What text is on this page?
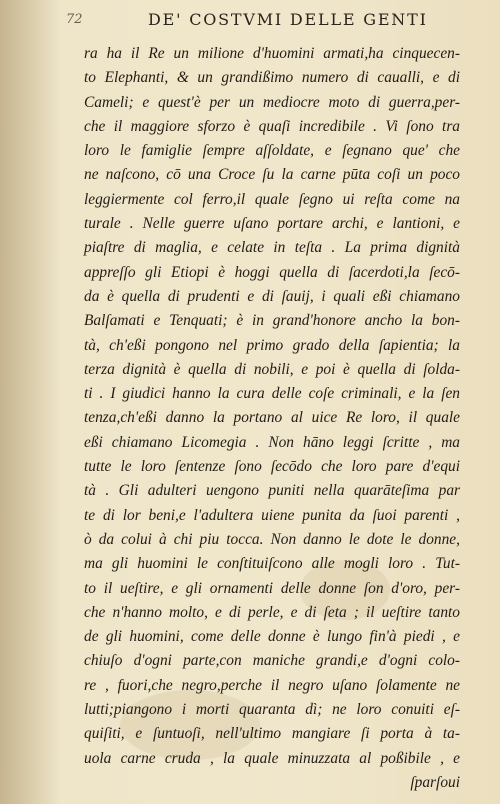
72	DE' COSTVMI DELLE GENTI
ra ha il Re un milione d'huomini armati,ha cinquecen-
to Elephanti, & un grandißimo numero di caualli, e di
Cameli; e quest'è per un mediocre moto di guerra,per-
che il maggiore sforzo è quaſi incredibile . Vi ſono tra
loro le famiglie ſempre aſſoldate, e ſegnano que' che
ne naſcono, cō una Croce ſu la carne pūta coſi un poco
leggiermente col ferro,il quale ſegno ui reſta come na
turale . Nelle guerre uſano portare archi, e lantioni, e
piaſtre di maglia, e celate in teſta . La prima dignità
appreſſo gli Etiopi è hoggi quella di ſacerdoti,la ſecō-
da è quella di prudenti e di ſauij, i quali eßi chiamano
Balſamati e Tenquati; è in grand'honore ancho la bon-
tà, ch'eßi pongono nel primo grado della ſapientia; la
terza dignità è quella di nobili, e poi è quella di ſolda-
ti . I giudici hanno la cura delle coſe criminali, e la ſen
tenza,ch'eßi danno la portano al uice Re loro, il quale
eßi chiamano Licomegia . Non hāno leggi ſcritte , ma
tutte le loro ſentenze ſono ſecōdo che loro pare d'equi
tà . Gli adulteri uengono puniti nella quarāteſima par
te di lor beni,e l'adultera uiene punita da ſuoi parenti ,
ò da colui à chi piu tocca. Non danno le dote le donne,
ma gli huomini le conſtituiſcono alle mogli loro . Tut-
to il ueſtire, e gli ornamenti delle donne ſon d'oro, per-
che n'hanno molto, e di perle, e di ſeta ; il ueſtire tanto
de gli huomini, come delle donne è lungo fin'à piedi , e
chiuſo d'ogni parte,con maniche grandi,e d'ogni colo-
re , fuori,che negro,perche il negro uſano ſolamente ne
lutti;piangono i morti quaranta dì; ne loro conuiti eſ-
quiſiti, e ſuntuoſi, nell'ultimo mangiare ſi porta à ta-
uola carne cruda , la quale minuzzata al poßibile , e
ſparſoui
